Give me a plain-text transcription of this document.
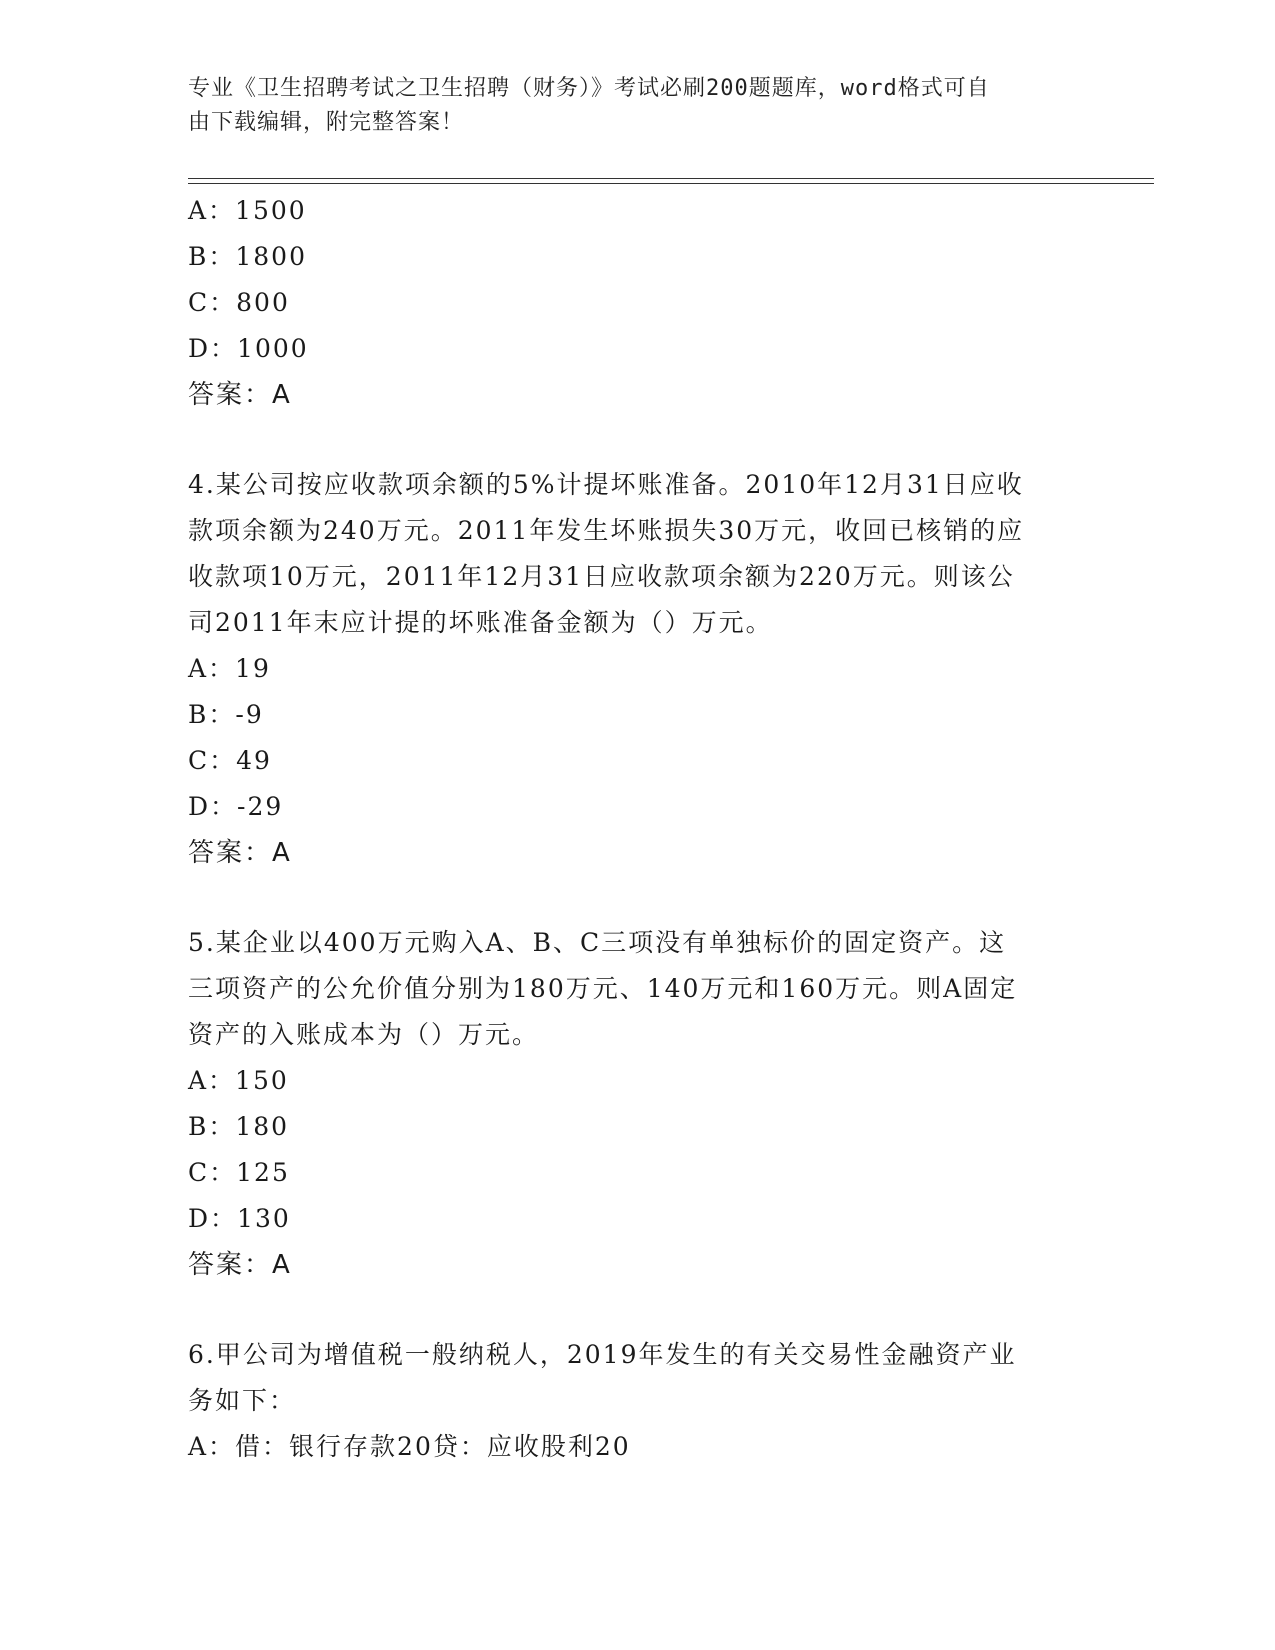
专业《卫生招聘考试之卫生招聘（财务）》考试必刷200题题库，word格式可自
由下载编辑，附完整答案！
A：1500
B：1800
C：800
D：1000
答案：A
4.某公司按应收款项余额的5%计提坏账准备。2010年12月31日应收
款项余额为240万元。2011年发生坏账损失30万元，收回已核销的应
收款项10万元，2011年12月31日应收款项余额为220万元。则该公
司2011年末应计提的坏账准备金额为（）万元。
A：19
B：-9
C：49
D：-29
答案：A
5.某企业以400万元购入A、B、C三项没有单独标价的固定资产。这
三项资产的公允价值分别为180万元、140万元和160万元。则A固定
资产的入账成本为（）万元。
A：150
B：180
C：125
D：130
答案：A
6.甲公司为增值税一般纳税人，2019年发生的有关交易性金融资产业
务如下：
A：借：银行存款20贷：应收股利20
